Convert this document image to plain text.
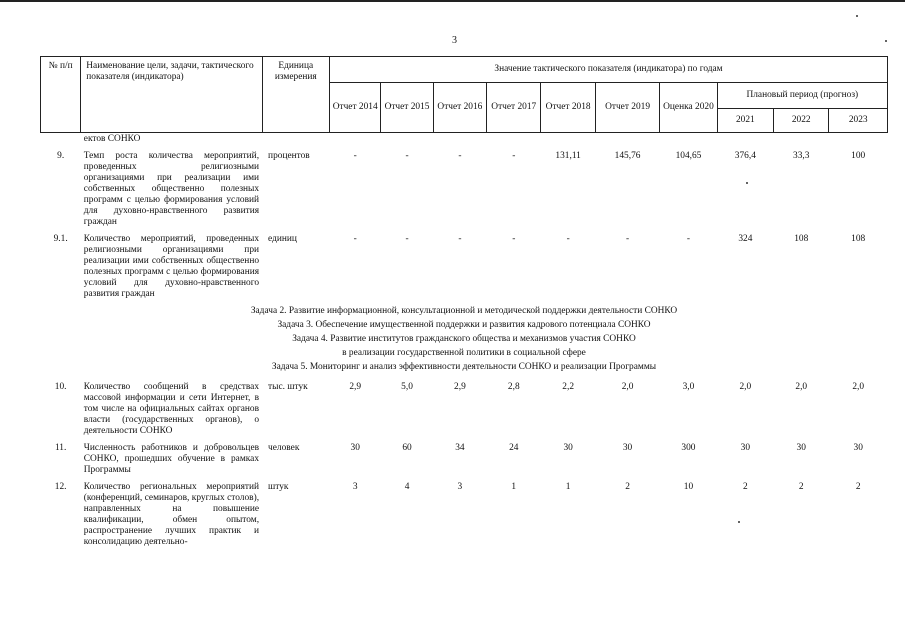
3
№ п/п	Наименование цели, задачи, тактического показателя (индикатора)	Единица измерения	Значение тактического показателя (индикатора) по годам									
			Отчет 2014	Отчет 2015	Отчет 2016	Отчет 2017	Отчет 2018	Отчет 2019	Оценка 2020	Плановый период (прогноз)		
										2021	2022	2023
	ектов СОНКО											
9.	Темп роста количества мероприятий, проведенных религиозными организациями при реализации ими собственных общественно полезных программ с целью формирования условий для духовно-нравственного развития граждан	процентов	-	-	-	-	131,11	145,76	104,65	376,4	33,3	100
9.1.	Количество мероприятий, проведенных религиозными организациями при реализации ими собственных общественно полезных программ с целью формирования условий для духовно-нравственного развития граждан	единиц	-	-	-	-	-	-	-	324	108	108
Задача 2. Развитие информационной, консультационной и методической поддержки деятельности СОНКО												
Задача 3. Обеспечение имущественной поддержки и развития кадрового потенциала СОНКО												
Задача 4. Развитие институтов гражданского общества и механизмов участия СОНКО												
в реализации государственной политики в социальной сфере												
Задача 5. Мониторинг и анализ эффективности деятельности СОНКО и реализации Программы												
10.	Количество сообщений в средствах массовой информации и сети Интернет, в том числе на официальных сайтах органов власти (государственных органов), о деятельности СОНКО	тыс. штук	2,9	5,0	2,9	2,8	2,2	2,0	3,0	2,0	2,0	2,0
11.	Численность работников и добровольцев СОНКО, прошедших обучение в рамках Программы	человек	30	60	34	24	30	30	300	30	30	30
12.	Количество региональных мероприятий (конференций, семинаров, круглых столов), направленных на повышение квалификации, обмен опытом, распространение лучших практик и консолидацию деятельно-	штук	3	4	3	1	1	2	10	2	2	2
